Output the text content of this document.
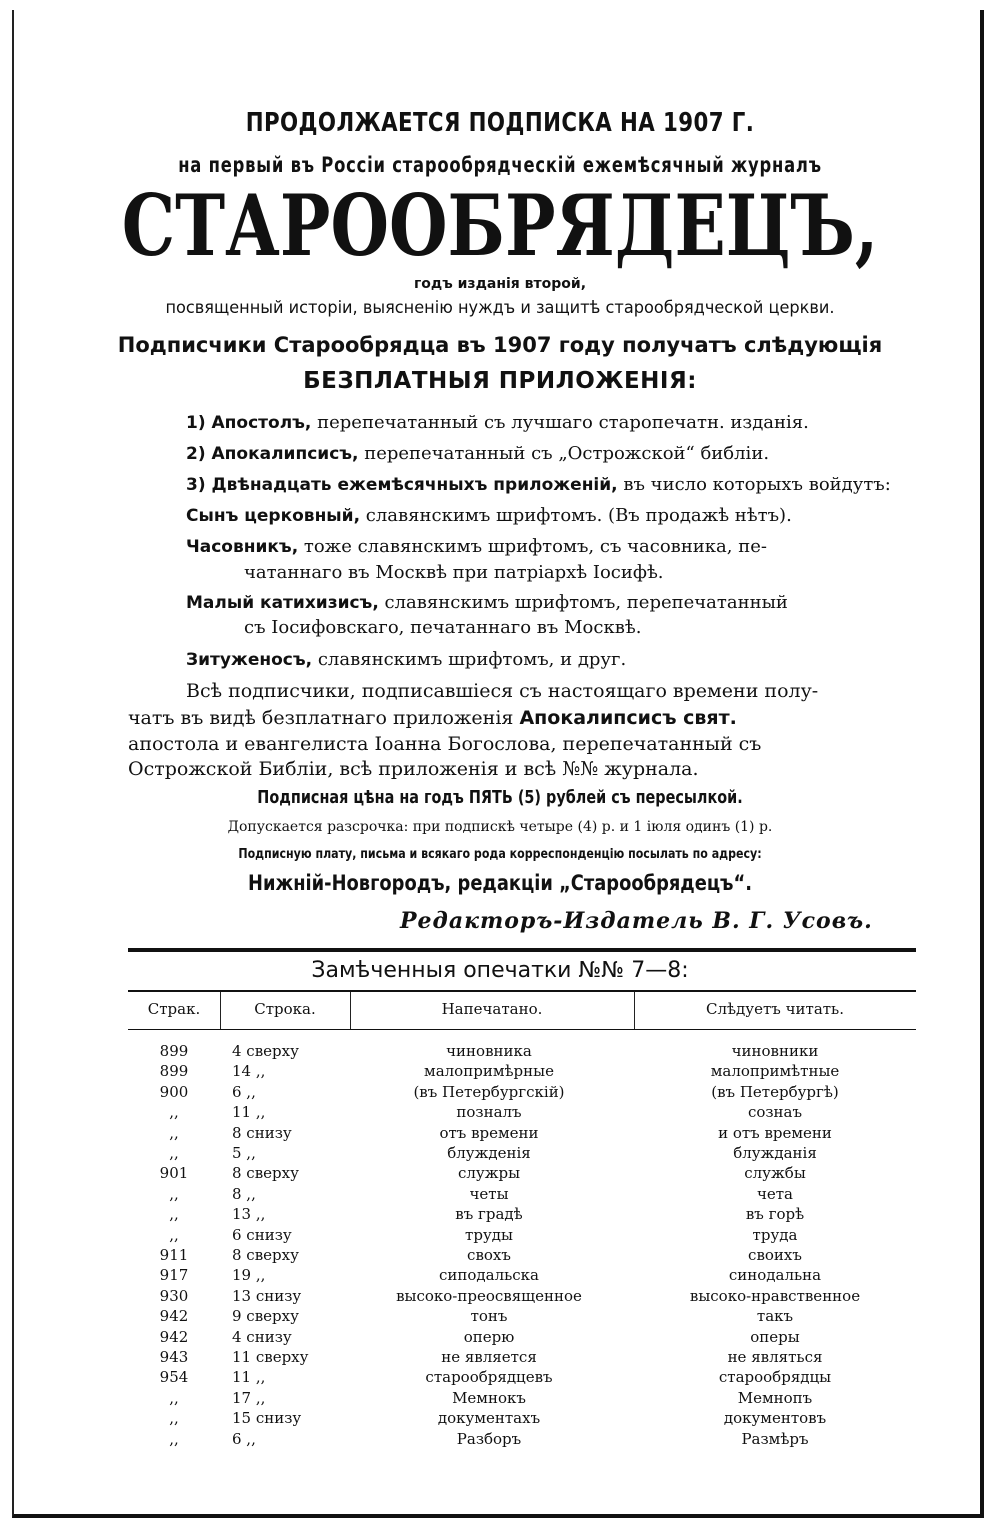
ПРОДОЛЖАЕТСЯ ПОДПИСКА НА 1907 Г.
на первый въ Россіи старообрядческій ежемѣсячный журналъ
СТАРООБРЯДЕЦЪ,
годъ изданія второй,
посвященный исторіи, выясненію нуждъ и защитѣ старообрядческой церкви.
Подписчики Старообрядца въ 1907 году получатъ слѣдующія
БЕЗПЛАТНЫЯ ПРИЛОЖЕНІЯ:
1) Апостолъ, перепечатанный съ лучшаго старопечатн. изданія.
2) Апокалипсисъ, перепечатанный съ „Острожской“ библіи.
3) Двѣнадцать ежемѣсячныхъ приложеній, въ число которыхъ войдутъ:
Сынъ церковный, славянскимъ шрифтомъ. (Въ продажѣ нѣтъ).
Часовникъ, тоже славянскимъ шрифтомъ, съ часовника, пе-
чатаннаго въ Москвѣ при патріархѣ Іосифѣ.
Малый катихизисъ, славянскимъ шрифтомъ, перепечатанный
съ Іосифовскаго, печатаннаго въ Москвѣ.
Зитуженосъ, славянскимъ шрифтомъ, и друг.
Всѣ подписчики, подписавшіеся съ настоящаго времени полу-
чатъ въ видѣ безплатнаго приложенія Апокалипсисъ свят.
апостола и евангелиста Іоанна Богослова, перепечатанный съ
Острожской Библіи, всѣ приложенія и всѣ №№ журнала.
Подписная цѣна на годъ ПЯТЬ (5) рублей съ пересылкой.
Допускается разсрочка: при подпискѣ четыре (4) р. и 1 іюля одинъ (1) р.
Подписную плату, письма и всякаго рода корреспонденцію посылать по адресу:
Нижній-Новгородъ, редакціи „Старообрядецъ“.
Редакторъ-Издатель В. Г. Усовъ.
Замѣченныя опечатки №№ 7—8:
Страк.	Строка.	Напечатано.	Слѣдуетъ читать.
899	4 сверху	чиновника	чиновники
899	14 ,,	малопримѣрные	малопримѣтные
900	6 ,,	(въ Петербургскій)	(въ Петербургѣ)
,,	11 ,,	позналъ	сознаъ
,,	8 снизу	отъ времени	и отъ времени
,,	5 ,,	блужденія	блужданія
901	8 сверху	служры	службы
,,	8 ,,	четы	чета
,,	13 ,,	въ градѣ	въ горѣ
,,	6 снизу	труды	труда
911	8 сверху	своxъ	своихъ
917	19 ,,	сиподальска	синодальна
930	13 снизу	высоко-преосвященное	высоко-нравственное
942	9 сверху	тонъ	такъ
942	4 снизу	оперю	оперы
943	11 сверху	не является	не являться
954	11 ,,	старообрядцевъ	старообрядцы
,,	17 ,,	Мемнокъ	Мемнопъ
,,	15 снизу	документахъ	документовъ
,,	6 ,,	Разборъ	Размѣръ
